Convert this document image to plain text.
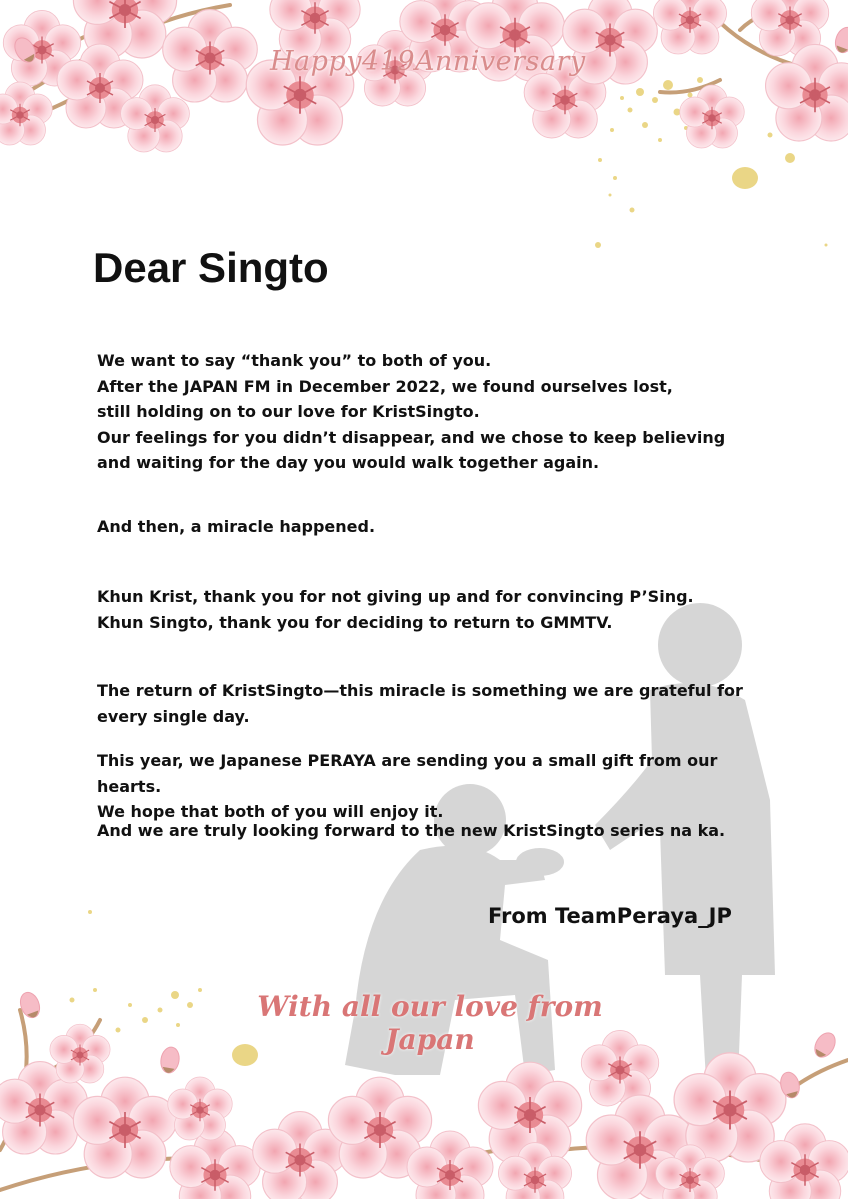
Happy419Anniversary
Dear Singto
We want to say “thank you” to both of you.
After the JAPAN FM in December 2022, we found ourselves lost,
still holding on to our love for KristSingto.
Our feelings for you didn’t disappear, and we chose to keep believing
and waiting for the day you would walk together again.
And then, a miracle happened.
Khun Krist, thank you for not giving up and for convincing P’Sing.
Khun Singto, thank you for deciding to return to GMMTV.
The return of KristSingto—this miracle is something we are grateful for
every single day.
This year, we Japanese PERAYA are sending you a small gift from our hearts.
We hope that both of you will enjoy it.
And we are truly looking forward to the new KristSingto series na ka.
From TeamPeraya_JP
With all our love from Japan
